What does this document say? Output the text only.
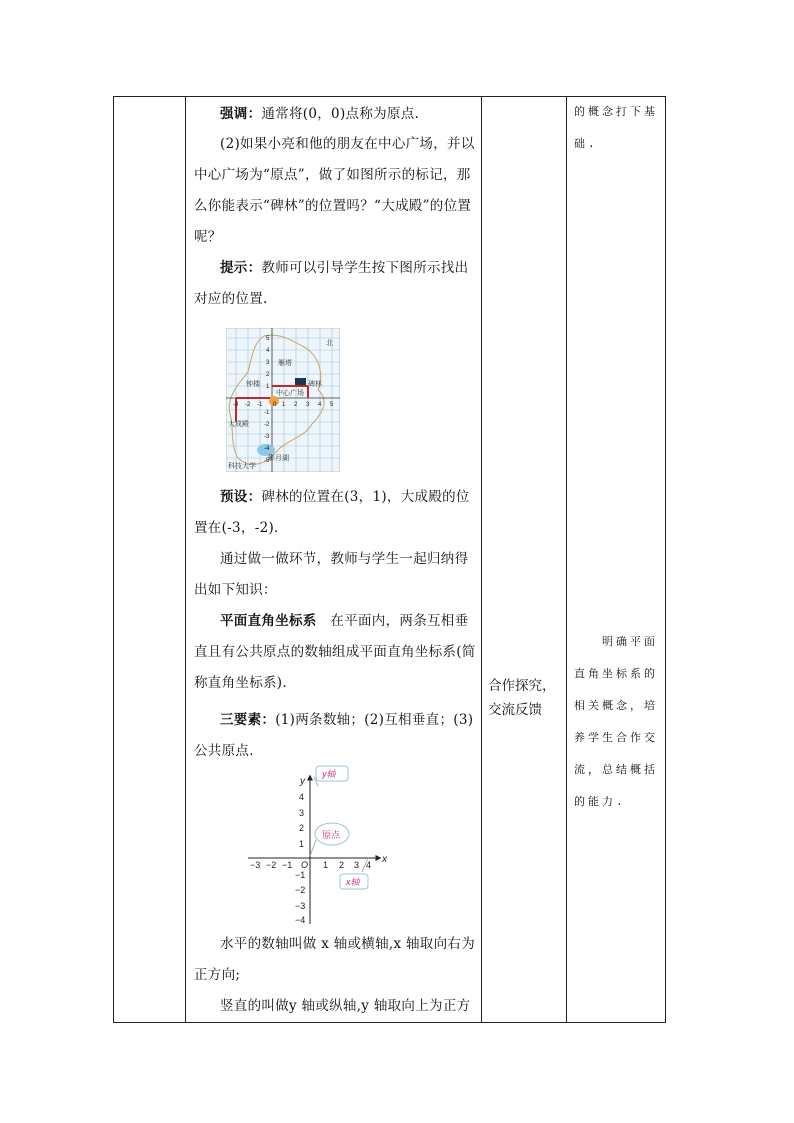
强调：通常将(0，0)点称为原点.

(2)如果小亮和他的朋友在中心广场，并以中心广场为“原点”，做了如图所示的标记，那么你能表示“碑林”的位置吗？“大成殿”的位置呢？

提示：教师可以引导学生按下图所示找出对应的位置.

北
雁塔
碑林
钟楼
中心广场
大成殿
影月湖
科技大学
-3 -2 -1 0 1 2 3 4 5
5
4
3
2
1
-1
-2
-3
-4
-5

预设：碑林的位置在(3，1)，大成殿的位置在(-3，-2)．

通过做一做环节，教师与学生一起归纳得出如下知识：

平面直角坐标系 在平面内，两条互相垂直且有公共原点的数轴组成平面直角坐标系(简称直角坐标系).

三要素：(1)两条数轴；(2)互相垂直；(3)公共原点．

−3 −2 −1 O 1 2 3 4
4
3
2
1
−1
−2
−3
−4
x
y
y轴
原点
x轴

水平的数轴叫做 x 轴或横轴,x 轴取向右为正方向;

竖直的叫做y 轴或纵轴,y 轴取向上为正方

合作探究，交流反馈
的概念打下基础.
明确平面直角坐标系的相关概念，培养学生合作交流，总结概括的能力.
